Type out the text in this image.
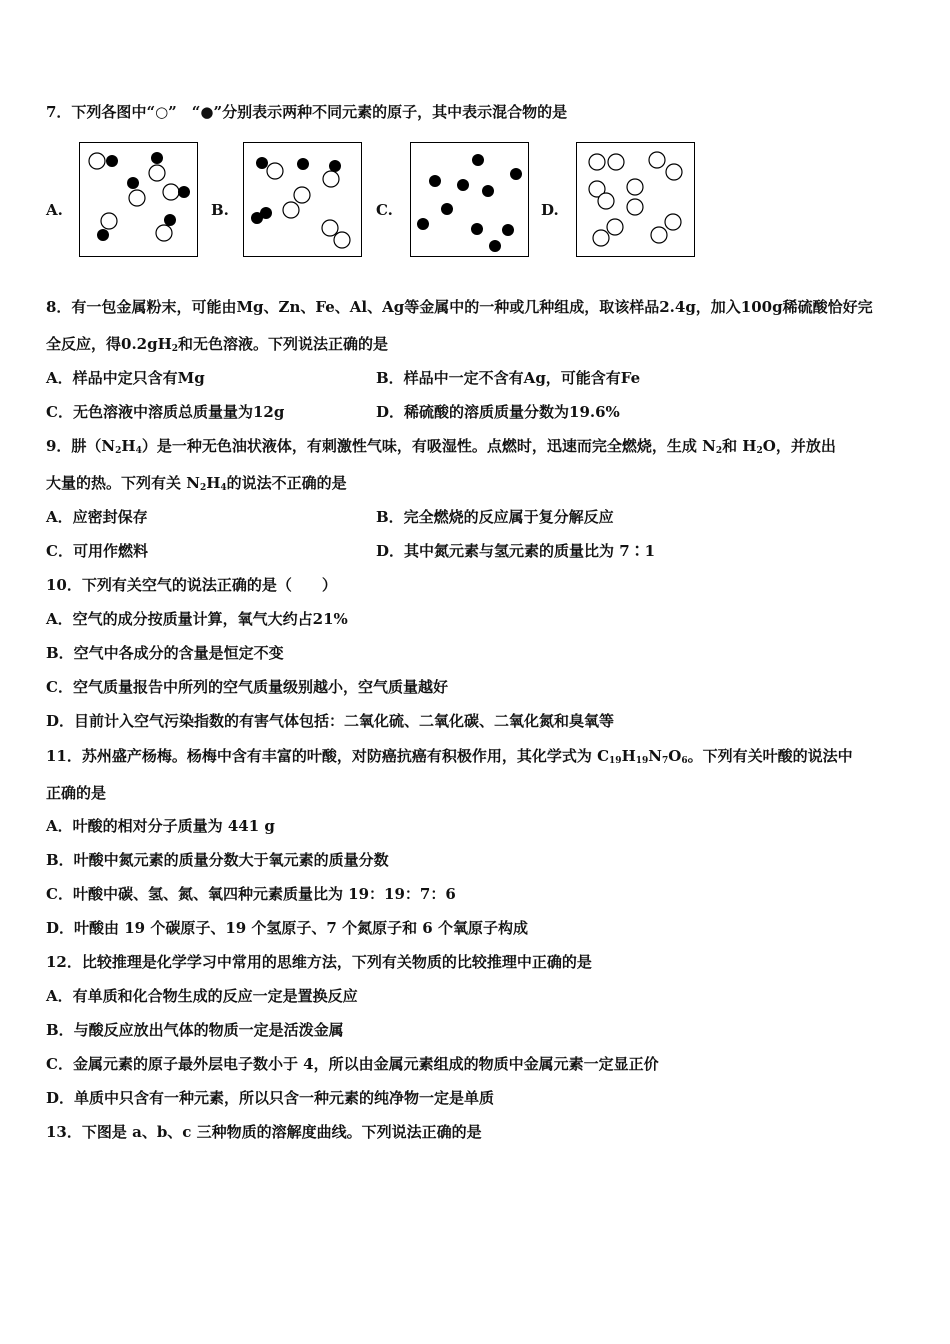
7．下列各图中“○”　“●”分别表示两种不同元素的原子，其中表示混合物的是
A.	B.	C.	D.
8．有一包金属粉末，可能由Mg、Zn、Fe、Al、Ag等金属中的一种或几种组成，取该样品2.4g，加入100g稀硫酸恰好完
全反应，得$0.2gH_2$和无色溶液。下列说法正确的是
A．样品中定只含有Mg	B．样品中一定不含有Ag，可能含有Fe
C．无色溶液中溶质总质量量为12g	D．稀硫酸的溶质质量分数为19.6%
9．肼$(N_2H_4)$是一种无色油状液体，有刺激性气味，有吸湿性。点燃时，迅速而完全燃烧，生成 $N_2$和 $H_2O$，并放出
大量的热。下列有关 $N_2H_4$的说法不正确的是
A．应密封保存	B．完全燃烧的反应属于复分解反应
C．可用作燃料	D．其中氮元素与氢元素的质量比为 7∶1
10．下列有关空气的说法正确的是（　　）
A．空气的成分按质量计算，氧气大约占21%
B．空气中各成分的含量是恒定不变
C．空气质量报告中所列的空气质量级别越小，空气质量越好
D．目前计入空气污染指数的有害气体包括：二氧化硫、二氧化碳、二氧化氮和臭氧等
11．苏州盛产杨梅。杨梅中含有丰富的叶酸，对防癌抗癌有积极作用，其化学式为 $C_{19}H_{19}N_7O_6$。下列有关叶酸的说法中
正确的是
A．叶酸的相对分子质量为 441 g
B．叶酸中氮元素的质量分数大于氧元素的质量分数
C．叶酸中碳、氢、氮、氧四种元素质量比为 19：19：7：6
D．叶酸由 19 个碳原子、19 个氢原子、7 个氮原子和 6 个氧原子构成
12．比较推理是化学学习中常用的思维方法，下列有关物质的比较推理中正确的是
A．有单质和化合物生成的反应一定是置换反应
B．与酸反应放出气体的物质一定是活泼金属
C．金属元素的原子最外层电子数小于 4，所以由金属元素组成的物质中金属元素一定显正价
D．单质中只含有一种元素，所以只含一种元素的纯净物一定是单质
13．下图是 a、b、c 三种物质的溶解度曲线。下列说法正确的是
